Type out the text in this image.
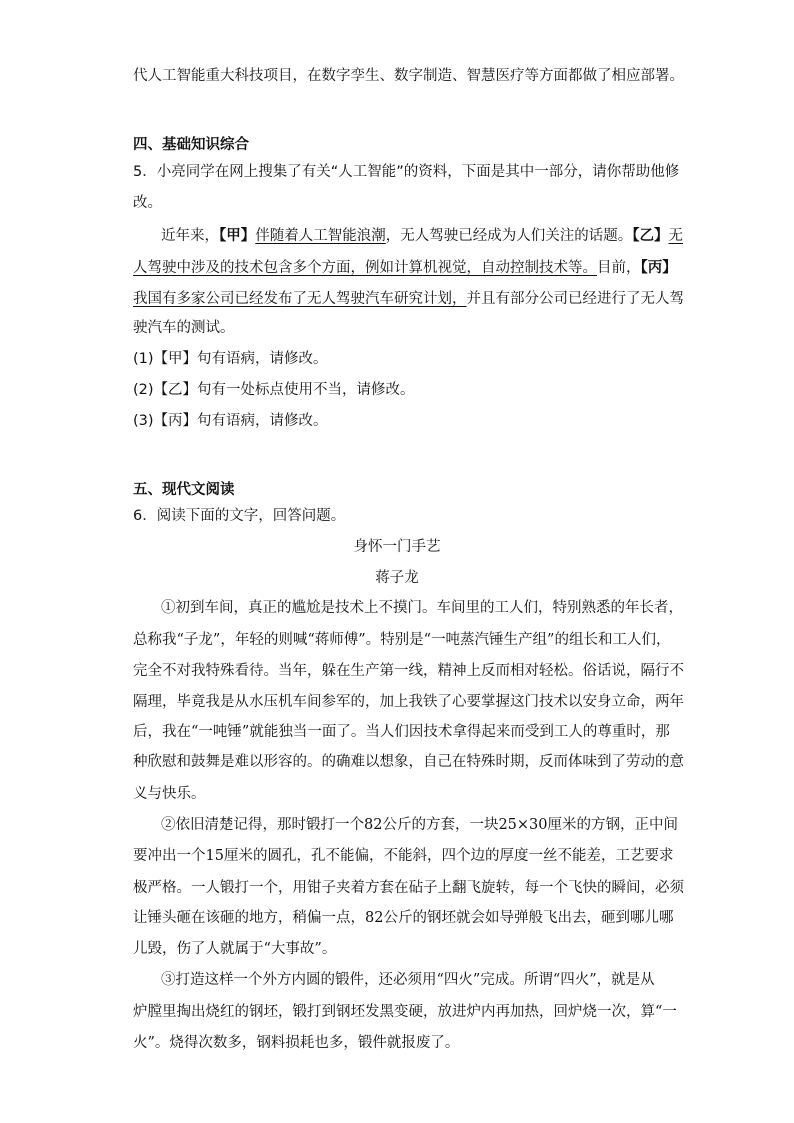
代人工智能重大科技项目，在数字孪生、数字制造、智慧医疗等方面都做了相应部署。
四、基础知识综合
5．小亮同学在网上搜集了有关“人工智能”的资料，下面是其中一部分，请你帮助他修
改。
近年来，【甲】伴随着人工智能浪潮，无人驾驶已经成为人们关注的话题。【乙】无
人驾驶中涉及的技术包含多个方面，例如计算机视觉，自动控制技术等。目前，【丙】
我国有多家公司已经发布了无人驾驶汽车研究计划，并且有部分公司已经进行了无人驾
驶汽车的测试。
(1)【甲】句有语病，请修改。
(2)【乙】句有一处标点使用不当，请修改。
(3)【丙】句有语病，请修改。
五、现代文阅读
6．阅读下面的文字，回答问题。
身怀一门手艺
蒋子龙
①初到车间，真正的尴尬是技术上不摸门。车间里的工人们，特别熟悉的年长者，
总称我“子龙”，年轻的则喊“蒋师傅”。特别是“一吨蒸汽锤生产组”的组长和工人们，
完全不对我特殊看待。当年，躲在生产第一线，精神上反而相对轻松。俗话说，隔行不
隔理，毕竟我是从水压机车间参军的，加上我铁了心要掌握这门技术以安身立命，两年
后，我在“一吨锤”就能独当一面了。当人们因技术拿得起来而受到工人的尊重时，那
种欣慰和鼓舞是难以形容的。的确难以想象，自己在特殊时期，反而体味到了劳动的意
义与快乐。
②依旧清楚记得，那时锻打一个82公斤的方套，一块25×30厘米的方钢，正中间
要冲出一个15厘米的圆孔，孔不能偏，不能斜，四个边的厚度一丝不能差，工艺要求
极严格。一人锻打一个，用钳子夹着方套在砧子上翻飞旋转，每一个飞快的瞬间，必须
让锤头砸在该砸的地方，稍偏一点，82公斤的钢坯就会如导弹般飞出去，砸到哪儿哪
儿毁，伤了人就属于“大事故”。
③打造这样一个外方内圆的锻件，还必须用“四火”完成。所谓“四火”，就是从
炉膛里掏出烧红的钢坯，锻打到钢坯发黑变硬，放进炉内再加热，回炉烧一次，算“一
火”。烧得次数多，钢料损耗也多，锻件就报废了。
